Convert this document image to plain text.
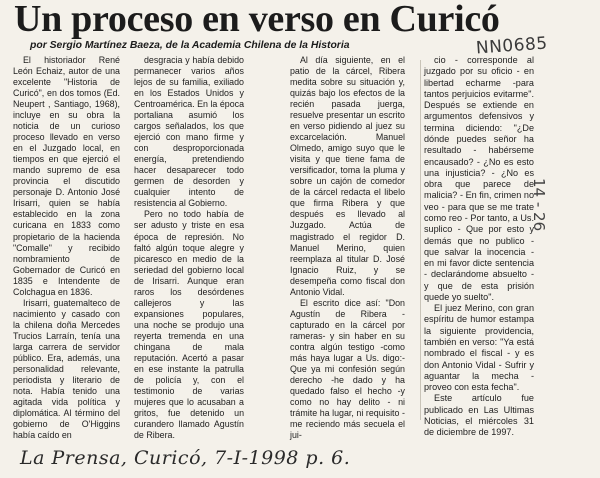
Un proceso en verso en Curicó
por Sergio Martínez Baeza, de la Academia Chilena de la Historia	NN0685

El historiador René León Echaiz, autor de una excelente "Historia de Curicó", en dos tomos (Ed. Neupert , Santiago, 1968), incluye en su obra la noticia de un curioso proceso llevado en verso en el Juzgado local, en tiempos en que ejerció el mando supremo de esa provincia el discutido personaje D. Antonio José Irisarri, quien se había establecido en la zona curicana en 1833 como propietario de la hacienda "Comalle" y recibido nombramiento de Gobernador de Curicó en 1835 e Intendente de Colchagua en 1836.

Irisarri, guatemalteco de nacimiento y casado con la chilena doña Mercedes Trucios Larraín, tenía una larga carrera de servidor público. Era, además, una personalidad relevante, periodista y literario de nota. Había tenido una agitada vida política y diplomática. Al término del gobierno de O'Higgins había caído en

desgracia y había debido permanecer varios años lejos de su familia, exiliado en los Estados Unidos y Centroamérica. En la época portaliana asumió los cargos señalados, los que ejerció con mano firme y con desproporcionada energía, pretendiendo hacer desaparecer todo germen de desorden y cualquier intento de resistencia al Gobierno.

Pero no todo había de ser adusto y triste en esa época de represión. No faltó algún toque alegre y picaresco en medio de la seriedad del gobierno local de Irisarri. Aunque eran raros los desórdenes callejeros y las expansiones populares, una noche se produjo una reyerta tremenda en una chingana de mala reputación. Acertó a pasar en ese instante la patrulla de policía y, con el testimonio de varias mujeres que lo acusaban a gritos, fue detenido un curandero llamado Agustín de Ribera.

Al día siguiente, en el patio de la cárcel, Ribera medita sobre su situación y, quizás bajo los efectos de la recién pasada juerga, resuelve presentar un escrito en verso pidiendo al juez su excarcelación. Manuel Olmedo, amigo suyo que le visita y que tiene fama de versificador, toma la pluma y sobre un cajón de comedor de la cárcel redacta el libelo que firma Ribera y que después es llevado al Juzgado. Actúa de magistrado el regidor D. Manuel Merino, quien reemplaza al titular D. José Ignacio Ruiz, y se desempeña como fiscal don Antonio Vidal.

El escrito dice así: "Don Agustín de Ribera -capturado en la cárcel por rameras- y sin haber en su contra algún testigo -como más haya lugar a Us. digo:- Que ya mi confesión según derecho -he dado y ha quedado falso el hecho -y como no hay delito - ni trámite ha lugar, ni requisito - me reciendo más secuela el jui-

cio - corresponde al juzgado por su oficio - en libertad echarme -para tantos perjuicios evitarme". Después se extiende en argumentos defensivos y termina diciendo: "¿De dónde puedes señor ha resultado - habérseme encausado? - ¿No es esto una injusticia? - ¿No es obra que parece de malicia? - En fin, crimen no veo - para que se me trate como reo - Por tanto, a Us. suplico - Que por esto y demás que no publico - que salvar la inocencia - en mi favor dicte sentencia - declarándome absuelto - y que de esta prisión quede yo suelto".

El juez Merino, con gran espíritu de humor estampa la siguiente providencia, también en verso: "Ya está nombrado el fiscal - y es don Antonio Vidal - Sufrir y aguantar la mecha - proveo con esta fecha".

Este artículo fue publicado en Las Ultimas Noticias, el miércoles 31 de diciembre de 1997.

14 - 26
La Prensa, Curicó, 7-I-1998 p. 6.
